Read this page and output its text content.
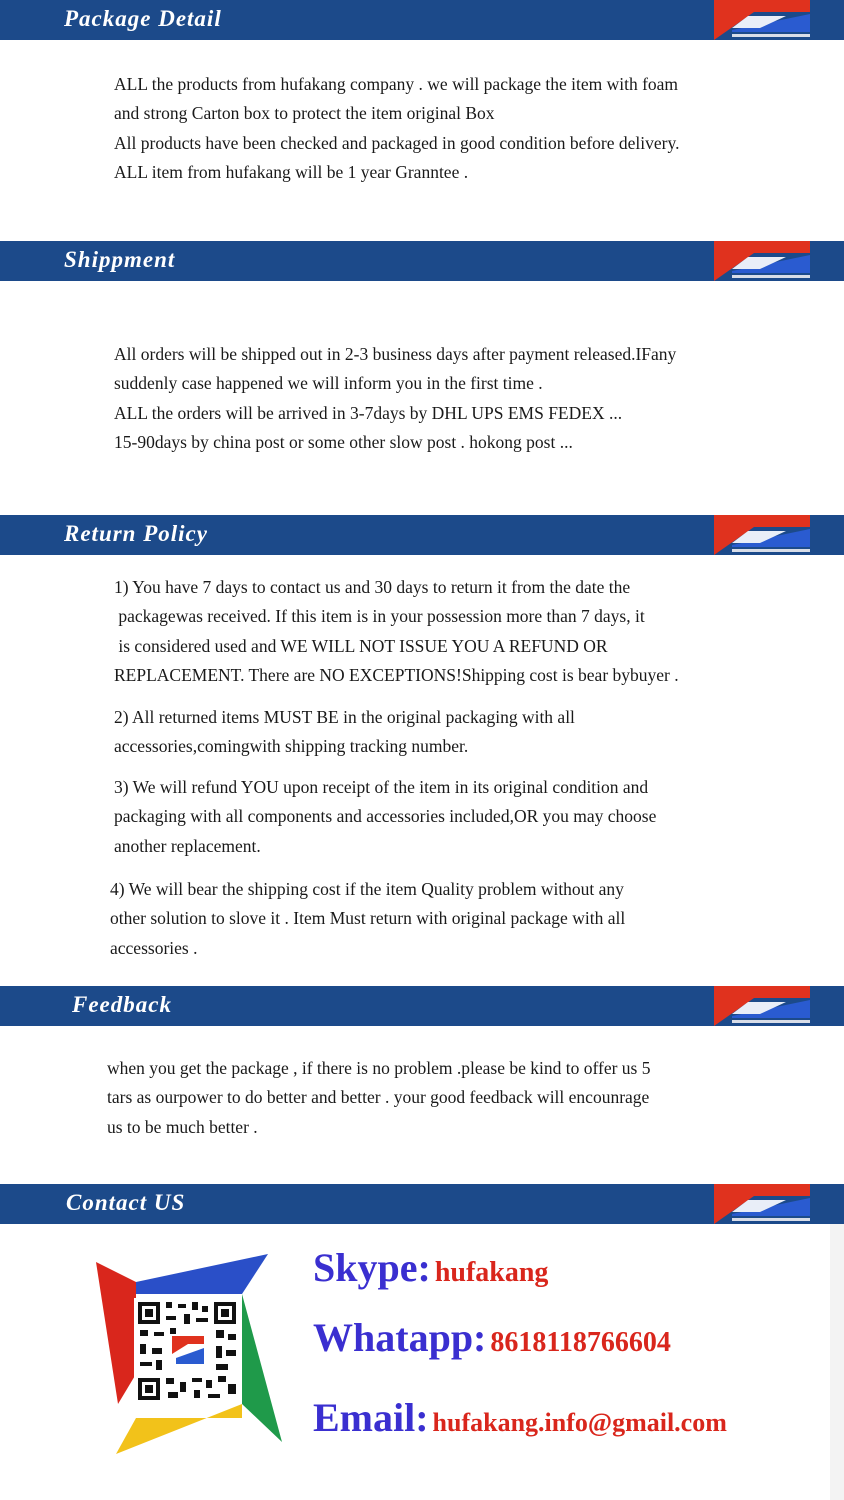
Package Detail
Shippment
Return Policy
Feedback
Contact US

ALL the products from hufakang company . we will package the item with foam

and strong Carton box to protect the item original Box

All products have been checked and packaged in good condition before delivery.

ALL item from hufakang will be 1 year Granntee .

All orders will be shipped out in 2-3 business days after payment released.IFany

suddenly case happened we will inform you in the first time .

ALL the orders will be arrived in 3-7days by DHL UPS EMS FEDEX ...

15-90days by china post or some other slow post . hokong post ...

1) You have 7 days to contact us and 30 days to return it from the date the

packagewas received. If this item is in your possession more than 7 days, it

is considered used and WE WILL NOT ISSUE YOU A REFUND OR

REPLACEMENT. There are NO EXCEPTIONS!Shipping cost is bear bybuyer .

2) All returned items MUST BE in the original packaging with all

accessories,comingwith shipping tracking number.

3) We will refund YOU upon receipt of the item in its original condition and

packaging with all components and accessories included,OR you may choose

another replacement.

4) We will bear the shipping cost if the item Quality problem without any

other solution to slove it . Item Must return with original package with all

accessories .

when you get the package , if there is no problem .please be kind to offer us 5

tars as ourpower to do better and better . your good feedback will encounrage

us to be much better .

Skype: hufakang
Whatapp: 8618118766604
Email: hufakang.info@gmail.com
